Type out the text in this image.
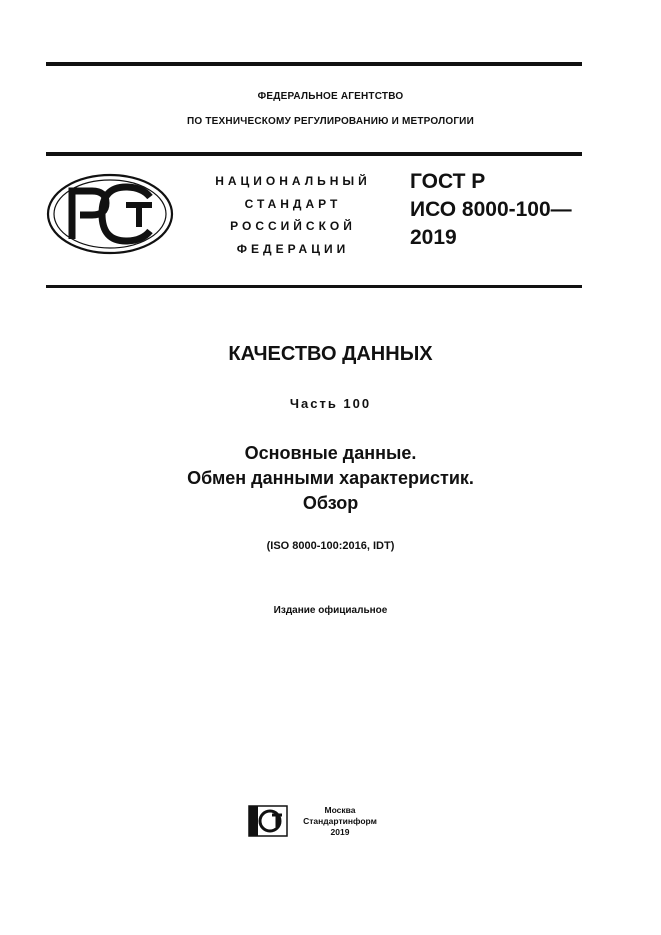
ФЕДЕРАЛЬНОЕ АГЕНТСТВО
ПО ТЕХНИЧЕСКОМУ РЕГУЛИРОВАНИЮ И МЕТРОЛОГИИ
НАЦИОНАЛЬНЫЙ
СТАНДАРТ
РОССИЙСКОЙ
ФЕДЕРАЦИИ
ГОСТ Р
ИСО 8000-100—
2019
КАЧЕСТВО ДАННЫХ
Часть 100
Основные данные.
Обмен данными характеристик.
Обзор
(ISO 8000-100:2016, IDT)
Издание официальное
Москва
Стандартинформ
2019
